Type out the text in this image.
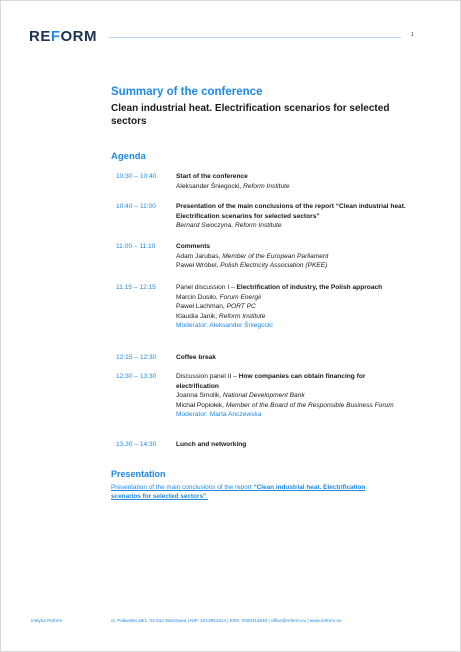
REFORM	1
Summary of the conference
Clean industrial heat. Electrification scenarios for selected sectors
Agenda
10:30 – 10:40	Start of the conference
Aleksander Śniegocki, Reform Institute
10:40 – 11:00	Presentation of the main conclusions of the report “Clean industrial heat. Electrification scenarios for selected sectors”
Bernard Swoczyna, Reform Institute
11:00 – 11:10	Comments
Adam Jarubas, Member of the European Parliament
Paweł Wróbel, Polish Electricity Association (PKEE)
11:15 – 12:15	Panel discussion I – Electrification of industry, the Polish approach
Marcin Dusiło, Forum Energii
Paweł Lachman, PORT PC
Klaudia Janik, Reform Institute
Moderator: Aleksander Śniegocki
12:15 – 12:30	Coffee break
12:30 – 13:30	Discussion panel II – How companies can obtain financing for electrification
Joanna Smolik, National Development Bank
Michał Popiołek, Member of the Board of the Responsible Business Forum
Moderator: Marta Anczewska
13.30 – 14:30	Lunch and networking
Presentation
Presentation of the main conclusions of the report “Clean industrial heat. Electrification scenarios for selected sectors”.
Instytut Reform	ul. Puławska 26/1, 02-512 Warszawa | NIP: 5213951414 | KRS: 0000414640 | office@reform.eu | www.ireform.eu
